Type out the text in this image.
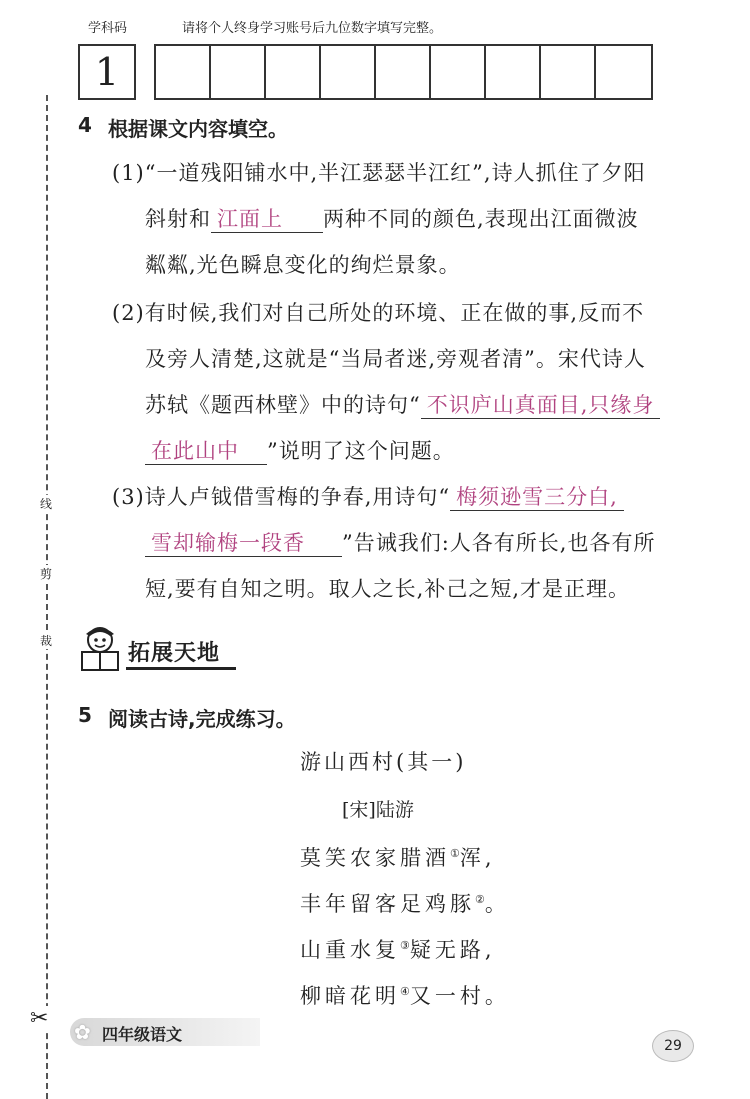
学科码	请将个人终身学习账号后九位数字填写完整。
1
线
剪
裁
✂
4 根据课文内容填空。
(1)“一道残阳铺水中,半江瑟瑟半江红”,诗人抓住了夕阳
斜射和 江面上 两种不同的颜色,表现出江面微波
粼粼,光色瞬息变化的绚烂景象。
(2)有时候,我们对自己所处的环境、正在做的事,反而不
及旁人清楚,这就是“当局者迷,旁观者清”。宋代诗人
苏轼《题西林壁》中的诗句“ 不识庐山真面目,只缘身
在此山中 ”说明了这个问题。
(3)诗人卢钺借雪梅的争春,用诗句“ 梅须逊雪三分白,
雪却输梅一段香 ”告诫我们:人各有所长,也各有所
短,要有自知之明。取人之长,补己之短,才是正理。
拓展天地
5 阅读古诗,完成练习。
游山西村(其一)
[宋]陆游
莫笑农家腊酒①浑,
丰年留客足鸡豚②。
山重水复③疑无路,
柳暗花明④又一村。
✿ 四年级语文
29
